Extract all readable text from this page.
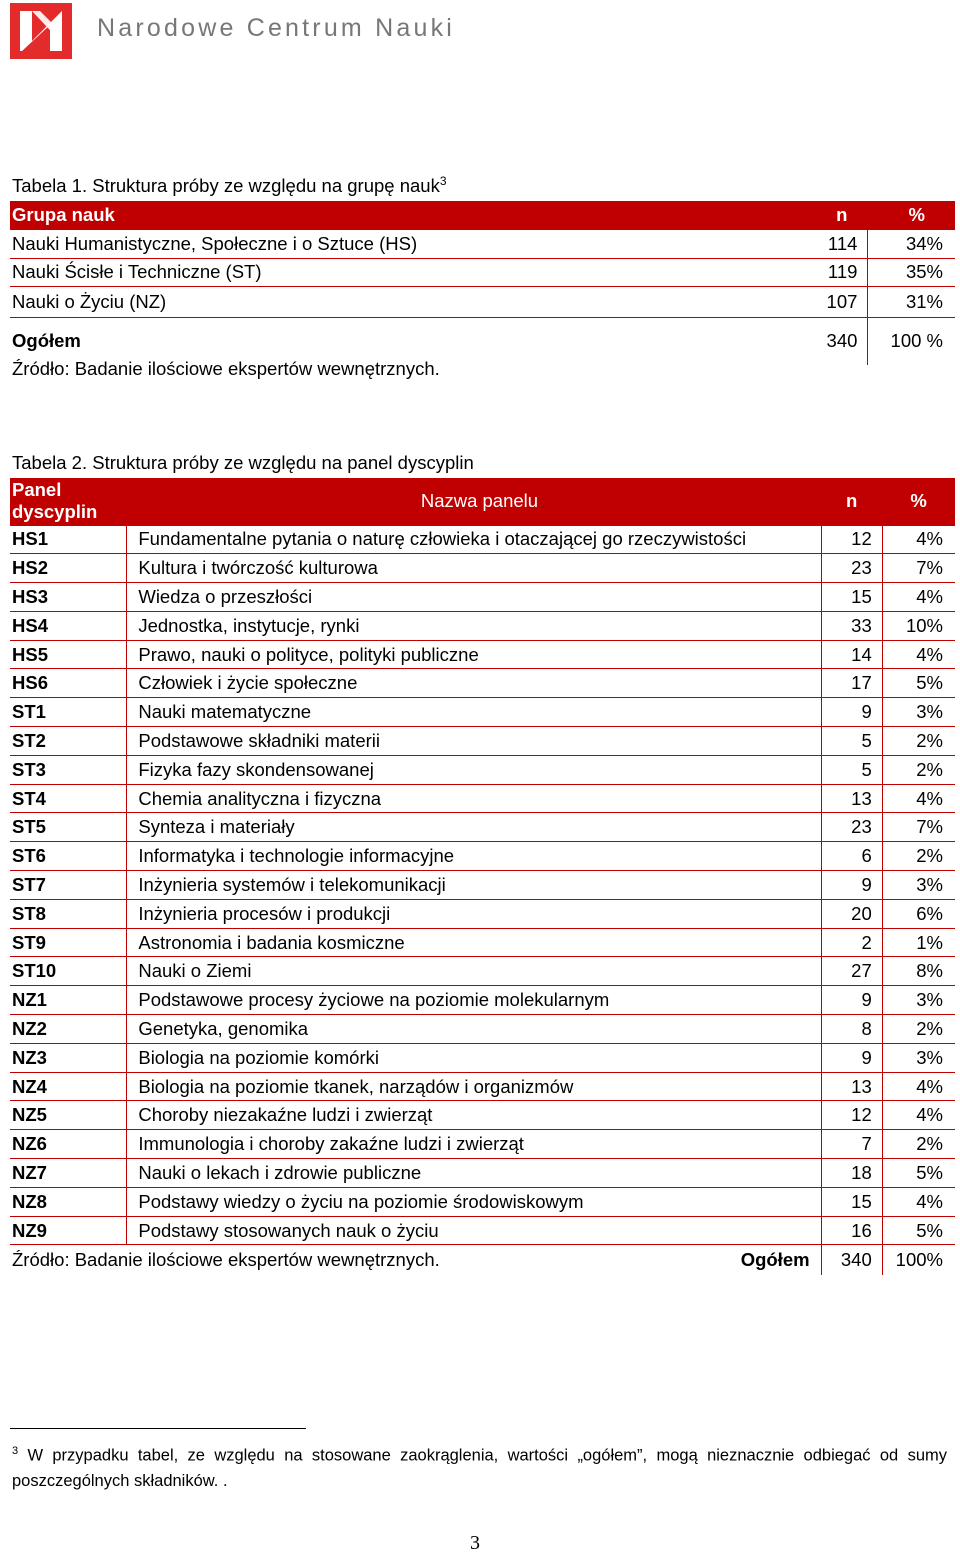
Narodowe Centrum Nauki
Tabela 1. Struktura próby ze względu na grupę nauk$^3$
Grupa nauk	n	%
Nauki Humanistyczne, Społeczne i o Sztuce (HS)	114	34%
Nauki Ścisłe i Techniczne (ST)	119	35%
Nauki o Życiu (NZ)	107	31%
Ogółem	340	100 %
Źródło: Badanie ilościowe ekspertów wewnętrznych.
Tabela 2. Struktura próby ze względu na panel dyscyplin
Panel dyscyplin	Nazwa panelu	n	%
HS1	Fundamentalne pytania o naturę człowieka i otaczającej go rzeczywistości	12	4%
HS2	Kultura i twórczość kulturowa	23	7%
HS3	Wiedza o przeszłości	15	4%
HS4	Jednostka, instytucje, rynki	33	10%
HS5	Prawo, nauki o polityce, polityki publiczne	14	4%
HS6	Człowiek i życie społeczne	17	5%
ST1	Nauki matematyczne	9	3%
ST2	Podstawowe składniki materii	5	2%
ST3	Fizyka fazy skondensowanej	5	2%
ST4	Chemia analityczna i fizyczna	13	4%
ST5	Synteza i materiały	23	7%
ST6	Informatyka i technologie informacyjne	6	2%
ST7	Inżynieria systemów i telekomunikacji	9	3%
ST8	Inżynieria procesów i produkcji	20	6%
ST9	Astronomia i badania kosmiczne	2	1%
ST10	Nauki o Ziemi	27	8%
NZ1	Podstawowe procesy życiowe na poziomie molekularnym	9	3%
NZ2	Genetyka, genomika	8	2%
NZ3	Biologia na poziomie komórki	9	3%
NZ4	Biologia na poziomie tkanek, narządów i organizmów	13	4%
NZ5	Choroby niezakaźne ludzi i zwierząt	12	4%
NZ6	Immunologia i choroby zakaźne ludzi i zwierząt	7	2%
NZ7	Nauki o lekach i zdrowie publiczne	18	5%
NZ8	Podstawy wiedzy o życiu na poziomie środowiskowym	15	4%
NZ9	Podstawy stosowanych nauk o życiu	16	5%
Ogółem		340	100%
Źródło: Badanie ilościowe ekspertów wewnętrznych.
$^3$ W przypadku tabel, ze względu na stosowane zaokrąglenia, wartości „ogółem”, mogą nieznacznie odbiegać od sumy poszczególnych składników. .
3
